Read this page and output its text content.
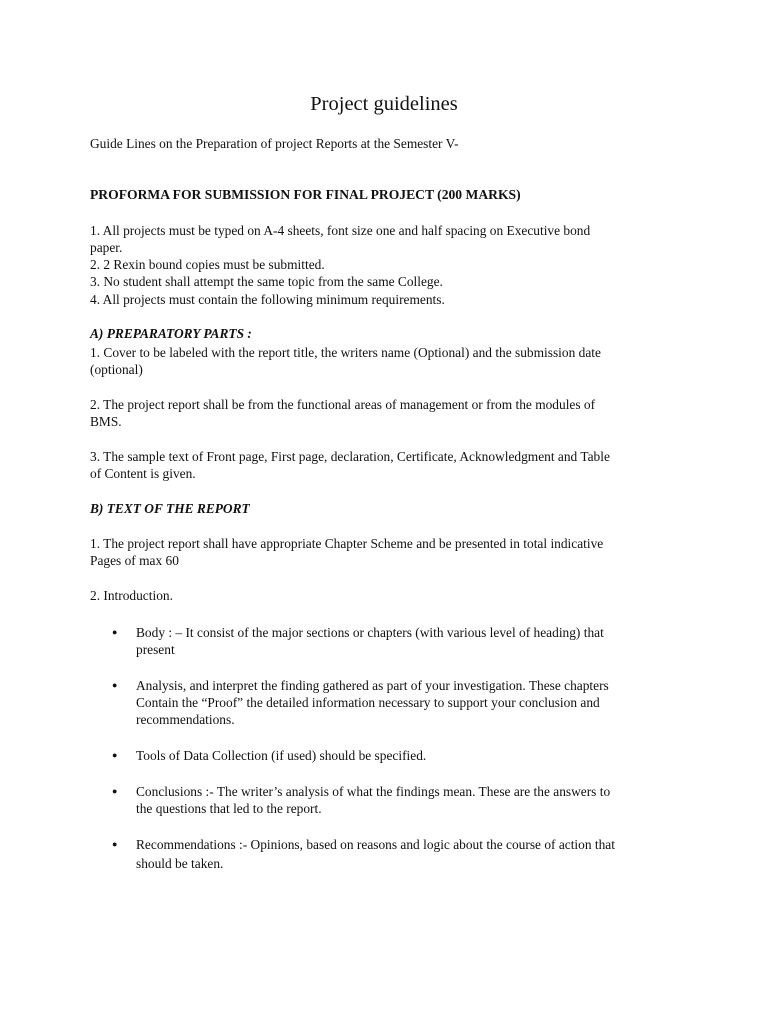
Project guidelines
Guide Lines on the Preparation of project Reports at the Semester V-
PROFORMA FOR SUBMISSION FOR FINAL PROJECT (200 MARKS)
1. All projects must be typed on A-4 sheets, font size one and half spacing on Executive bond
paper.
2. 2 Rexin bound copies must be submitted.
3. No student shall attempt the same topic from the same College.
4. All projects must contain the following minimum requirements.
A) PREPARATORY PARTS :
1. Cover to be labeled with the report title, the writers name (Optional) and the submission date
(optional)
2. The project report shall be from the functional areas of management or from the modules of
BMS.
3. The sample text of Front page, First page, declaration, Certificate, Acknowledgment and Table
of Content is given.
B) TEXT OF THE REPORT
1. The project report shall have appropriate Chapter Scheme and be presented in total indicative
Pages of max 60
2. Introduction.
● Body : – It consist of the major sections or chapters (with various level of heading) that
present
● Analysis, and interpret the finding gathered as part of your investigation. These chapters
Contain the “Proof” the detailed information necessary to support your conclusion and
recommendations.
● Tools of Data Collection (if used) should be specified.
● Conclusions :- The writer’s analysis of what the findings mean. These are the answers to
the questions that led to the report.
● Recommendations :- Opinions, based on reasons and logic about the course of action that
should be taken.
